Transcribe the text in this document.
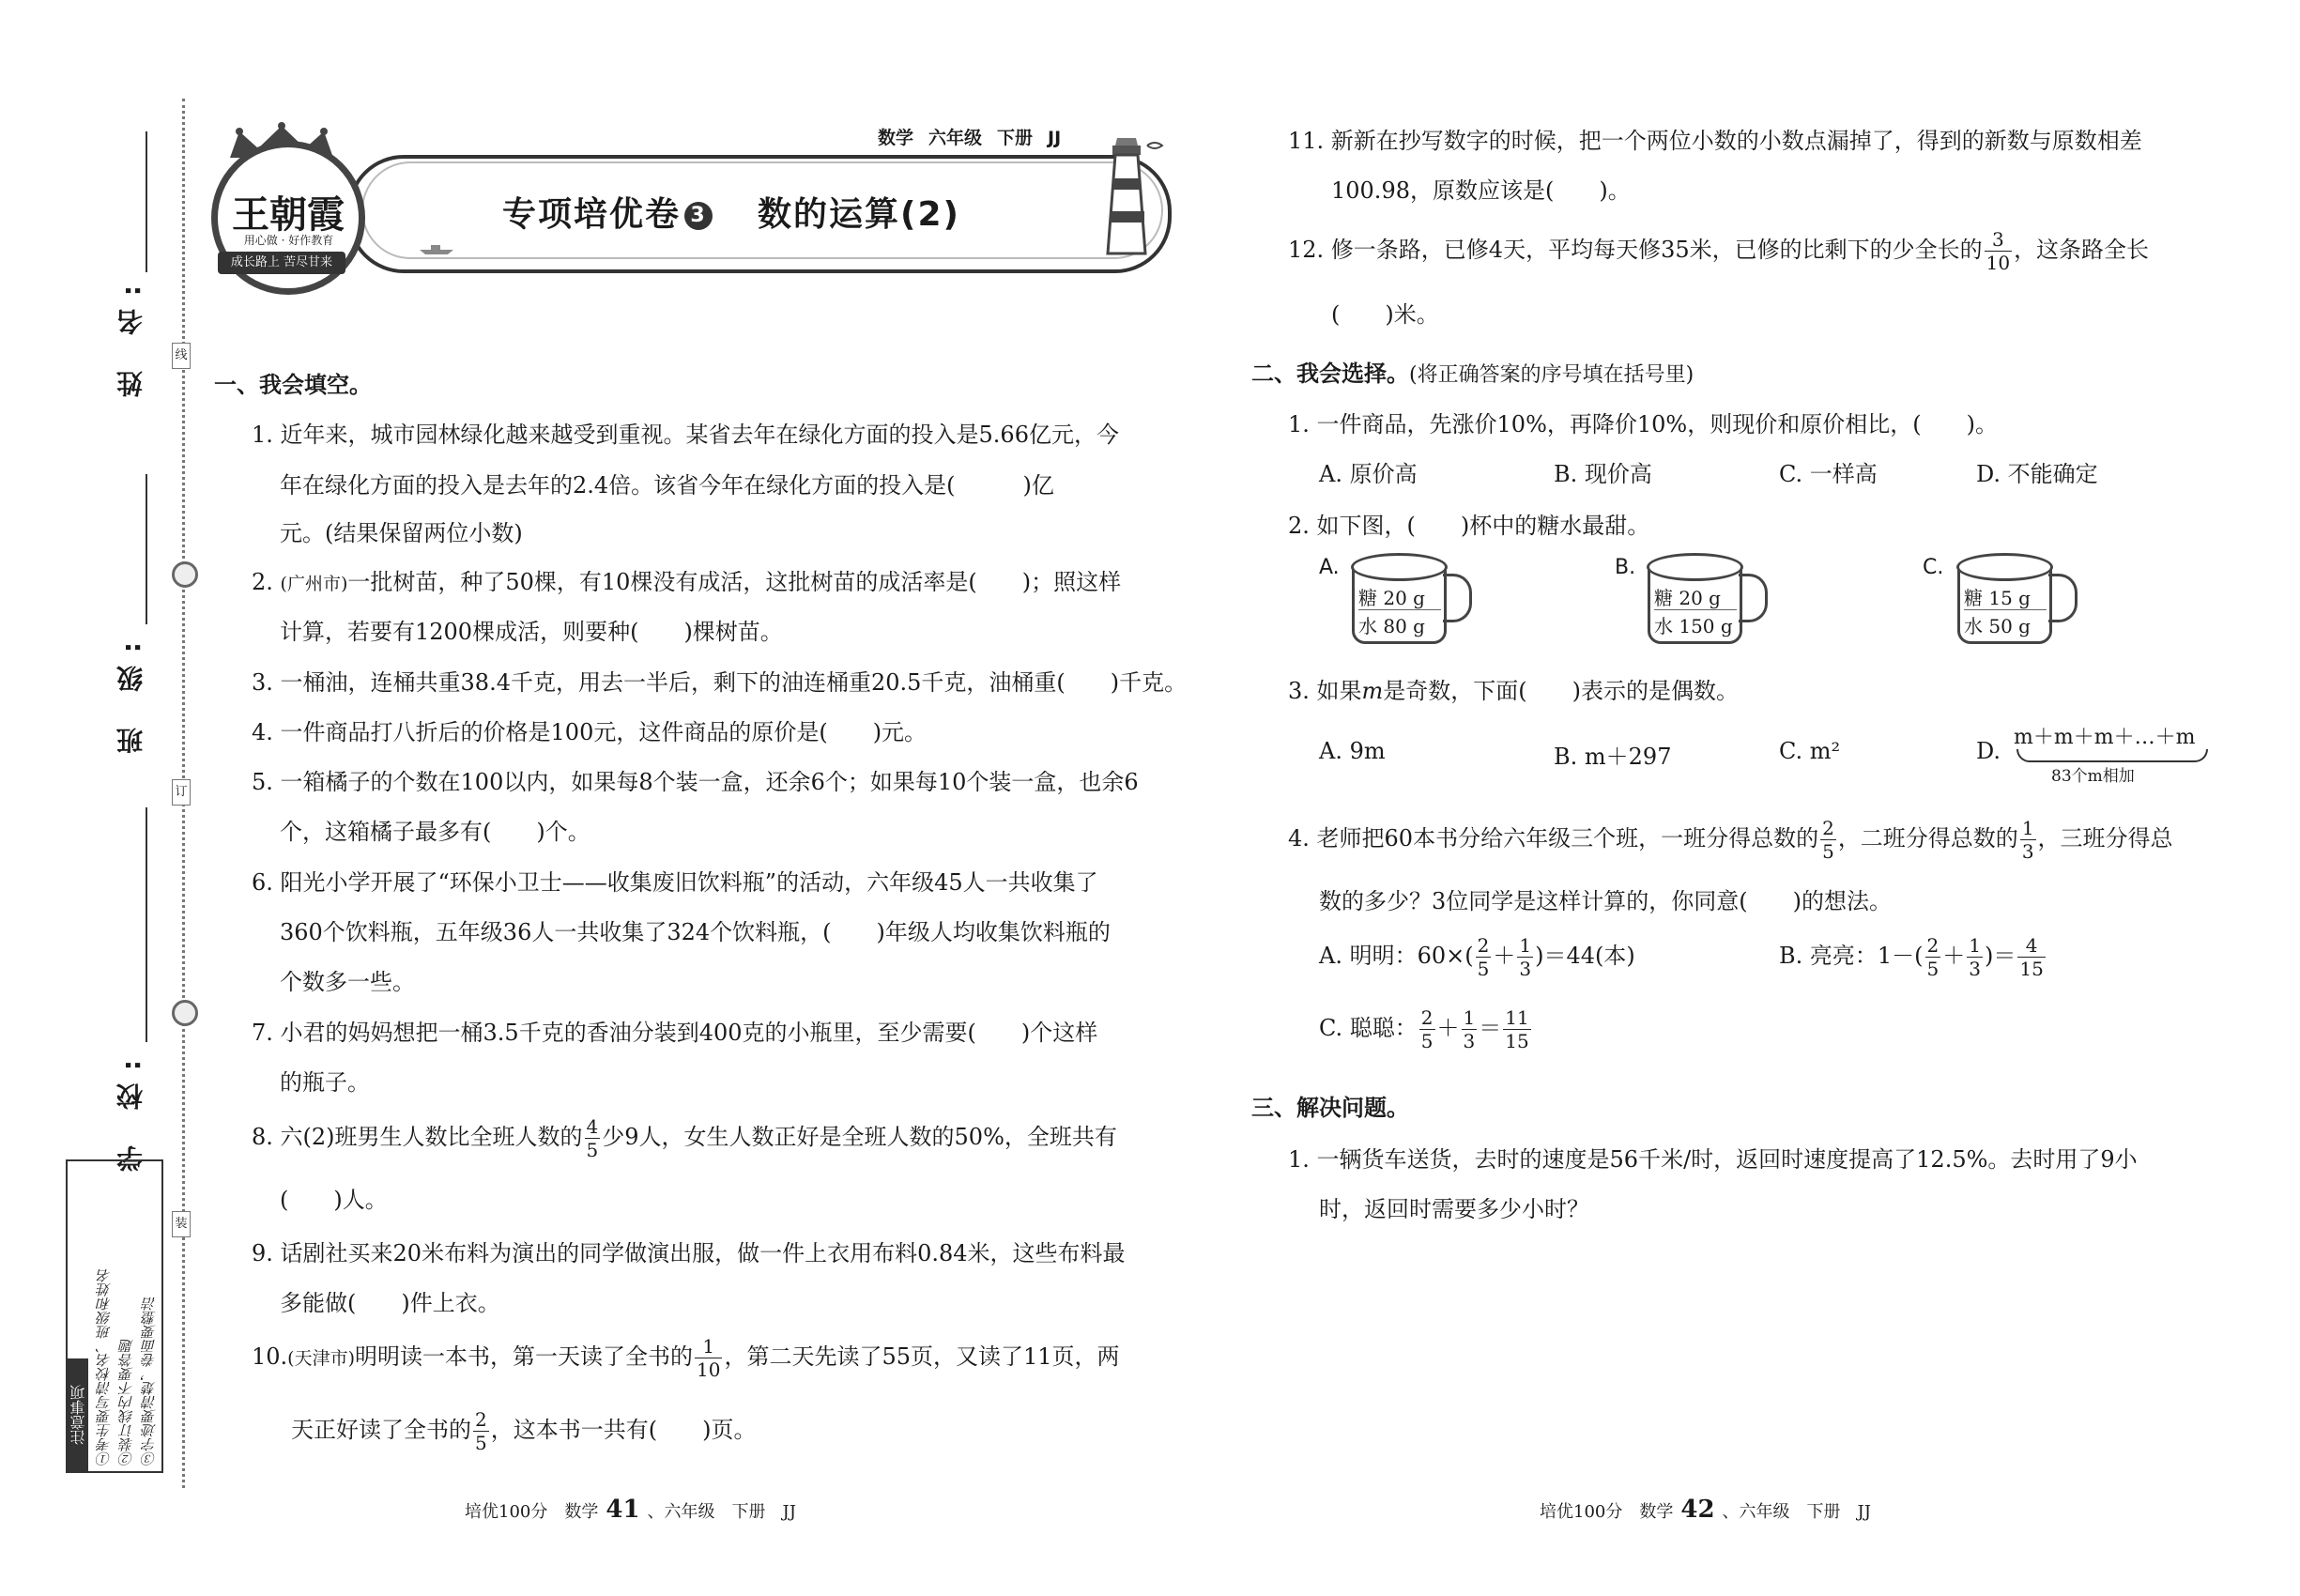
姓 名:
班 级:
学 校:
线
订
装
注意事项 ①考生要写清校名、班级和姓名 ②装订线内不要答题 ③字迹要清楚，卷面要整洁
数学 六年级 下册 JJ
王朝霞
用心做 · 好作教育
成长路上 苦尽甘来
专项培优卷 3　 数的运算(2)
一、我会填空。
1. 近年来，城市园林绿化越来越受到重视。某省去年在绿化方面的投入是5.66亿元，今
年在绿化方面的投入是去年的2.4倍。该省今年在绿化方面的投入是(　　　)亿
元。(结果保留两位小数)
2. (广州市)一批树苗，种了50棵，有10棵没有成活，这批树苗的成活率是(　　)；照这样
计算，若要有1200棵成活，则要种(　　)棵树苗。
3. 一桶油，连桶共重38.4千克，用去一半后，剩下的油连桶重20.5千克，油桶重(　　)千克。
4. 一件商品打八折后的价格是100元，这件商品的原价是(　　)元。
5. 一箱橘子的个数在100以内，如果每8个装一盒，还余6个；如果每10个装一盒，也余6
个，这箱橘子最多有(　　)个。
6. 阳光小学开展了“环保小卫士——收集废旧饮料瓶”的活动，六年级45人一共收集了
360个饮料瓶，五年级36人一共收集了324个饮料瓶，(　　)年级人均收集饮料瓶的
个数多一些。
7. 小君的妈妈想把一桶3.5千克的香油分装到400克的小瓶里，至少需要(　　)个这样
的瓶子。
8. 六(2)班男生人数比全班人数的 $\frac{4}{5}$ 少9人，女生人数正好是全班人数的50%，全班共有
(　　)人。
9. 话剧社买来20米布料为演出的同学做演出服，做一件上衣用布料0.84米，这些布料最
多能做(　　)件上衣。
10.(天津市)明明读一本书，第一天读了全书的 $\frac{1}{10}$ ，第二天先读了55页，又读了11页，两
天正好读了全书的 $\frac{2}{5}$ ，这本书一共有(　　)页。
培优100分　数学 41 、六年级　下册　JJ
11. 新新在抄写数字的时候，把一个两位小数的小数点漏掉了，得到的新数与原数相差
100.98，原数应该是(　　)。
12. 修一条路，已修4天，平均每天修35米，已修的比剩下的少全长的 $\frac{3}{10}$ ，这条路全长
(　　)米。
二、我会选择。(将正确答案的序号填在括号里)
1. 一件商品，先涨价10%，再降价10%，则现价和原价相比，(　　)。
A. 原价高	B. 现价高	C. 一样高	D. 不能确定
2. 如下图，(　　)杯中的糖水最甜。
A.
糖 20 g
水 80 g
B.
糖 20 g
水 150 g
C.
糖 15 g
水 50 g
3. 如果m是奇数，下面(　　)表示的是偶数。
A. 9m	B. m＋297	C. m²	D.
m＋m＋m＋…＋m
83个m相加
4. 老师把60本书分给六年级三个班，一班分得总数的 $\frac{2}{5}$ ，二班分得总数的 $\frac{1}{3}$ ，三班分得总
数的多少？3位同学是这样计算的，你同意(　　)的想法。
A. 明明：$60\times( \frac{2}{5} + \frac{1}{3} )=44$(本)	B. 亮亮：$1-( \frac{2}{5} + \frac{1}{3}$ )＝ $\frac{4}{15}$
C. 聪聪： $\frac{2}{5} + \frac{1}{3} = \frac{11}{15}$
三、解决问题。
1. 一辆货车送货，去时的速度是56千米/时，返回时速度提高了12.5%。去时用了9小
时，返回时需要多少小时？
培优100分　数学 42 、六年级　下册　JJ
